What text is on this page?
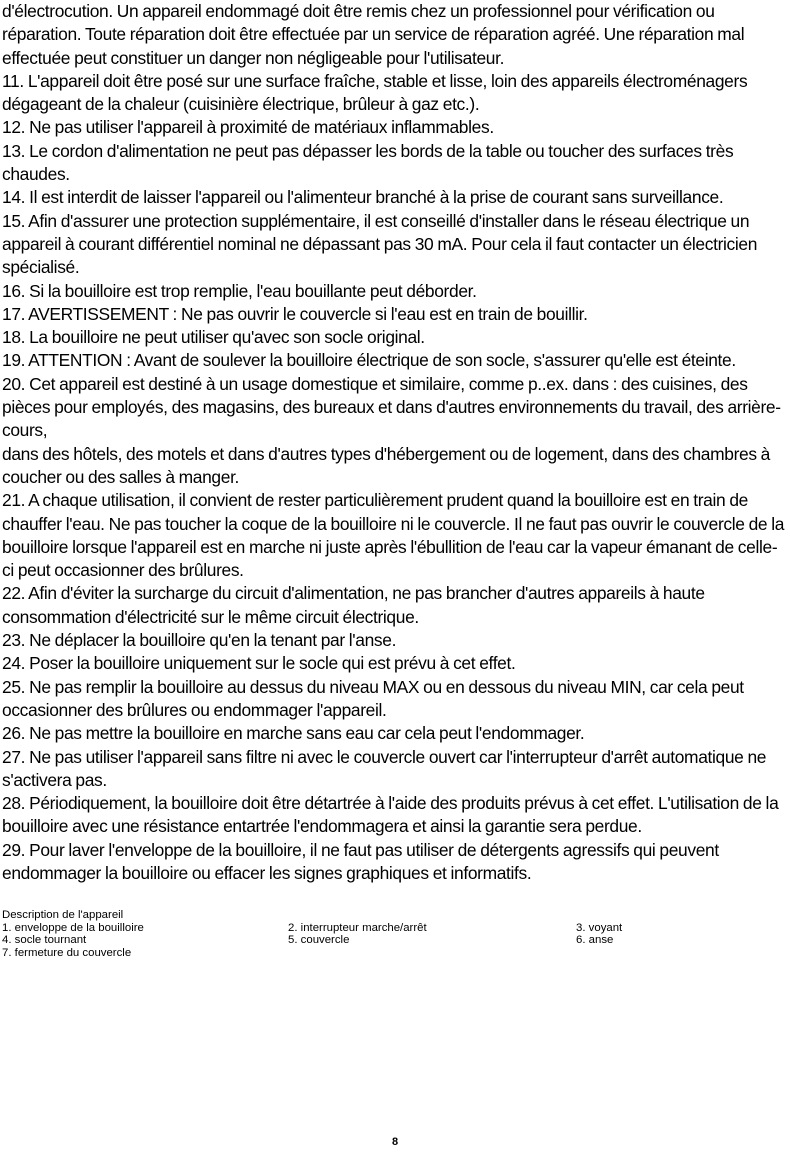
d'électrocution. Un appareil endommagé doit être remis chez un professionnel pour vérification ou réparation. Toute réparation doit être effectuée par un service de réparation agréé. Une réparation mal effectuée peut constituer un danger non négligeable pour l'utilisateur.

11. L'appareil doit être posé sur une surface fraîche, stable et lisse, loin des appareils électroménagers dégageant de la chaleur (cuisinière électrique, brûleur à gaz etc.).

12. Ne pas utiliser l'appareil à proximité de matériaux inflammables.

13. Le cordon d'alimentation ne peut pas dépasser les bords de la table ou toucher des surfaces très chaudes.

14. Il est interdit de laisser l'appareil ou l'alimenteur branché à la prise de courant sans surveillance.

15. Afin d'assurer une protection supplémentaire, il est conseillé d'installer dans le réseau électrique un appareil à courant différentiel nominal ne dépassant pas 30 mA. Pour cela il faut contacter un électricien spécialisé.

16. Si la bouilloire est trop remplie, l'eau bouillante peut déborder.

17. AVERTISSEMENT : Ne pas ouvrir le couvercle si l'eau est en train de bouillir.

18. La bouilloire ne peut utiliser qu'avec son socle original.

19. ATTENTION : Avant de soulever la bouilloire électrique de son socle, s'assurer qu'elle est éteinte.

20. Cet appareil est destiné à un usage domestique et similaire, comme p..ex. dans : des cuisines, des pièces pour employés, des magasins, des bureaux et dans d'autres environnements du travail, des arrière-cours,

dans des hôtels, des motels et dans d'autres types d'hébergement ou de logement, dans des chambres à coucher ou des salles à manger.

21. A chaque utilisation, il convient de rester particulièrement prudent quand la bouilloire est en train de chauffer l'eau. Ne pas toucher la coque de la bouilloire ni le couvercle. Il ne faut pas ouvrir le couvercle de la bouilloire lorsque l'appareil est en marche ni juste après l'ébullition de l'eau car la vapeur émanant de celle-ci peut occasionner des brûlures.

22. Afin d'éviter la surcharge du circuit d'alimentation, ne pas brancher d'autres appareils à haute consommation d'électricité sur le même circuit électrique.

23. Ne déplacer la bouilloire qu'en la tenant par l'anse.

24. Poser la bouilloire uniquement sur le socle qui est prévu à cet effet.

25. Ne pas remplir la bouilloire au dessus du niveau MAX ou en dessous du niveau MIN, car cela peut occasionner des brûlures ou endommager l'appareil.

26. Ne pas mettre la bouilloire en marche sans eau car cela peut l'endommager.

27. Ne pas utiliser l'appareil sans filtre ni avec le couvercle ouvert car l'interrupteur d'arrêt automatique ne s'activera pas.

28. Périodiquement, la bouilloire doit être détartrée à l'aide des produits prévus à cet effet. L'utilisation de la bouilloire avec une résistance entartrée l'endommagera et ainsi la garantie sera perdue.

29. Pour laver l'enveloppe de la bouilloire, il ne faut pas utiliser de détergents agressifs qui peuvent endommager la bouilloire ou effacer les signes graphiques et informatifs.

Description de l'appareil

1. enveloppe de la bouilloire	2. interrupteur marche/arrêt	3. voyant
4. socle tournant	5. couvercle	6. anse
7. fermeture du couvercle
8
